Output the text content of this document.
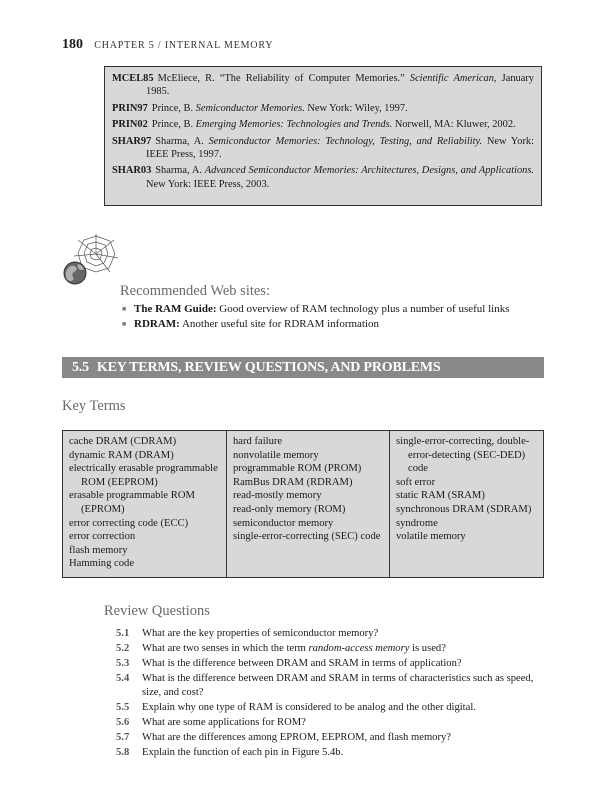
180 CHAPTER 5 / INTERNAL MEMORY
MCEL85 McEliece, R. “The Reliability of Computer Memories.” Scientific American, January 1985.
PRIN97 Prince, B. Semiconductor Memories. New York: Wiley, 1997.
PRIN02 Prince, B. Emerging Memories: Technologies and Trends. Norwell, MA: Kluwer, 2002.
SHAR97 Sharma, A. Semiconductor Memories: Technology, Testing, and Reliability. New York: IEEE Press, 1997.
SHAR03 Sharma, A. Advanced Semiconductor Memories: Architectures, Designs, and Applications. New York: IEEE Press, 2003.
Recommended Web sites:
■ The RAM Guide: Good overview of RAM technology plus a number of useful links
■ RDRAM: Another useful site for RDRAM information
5.5 KEY TERMS, REVIEW QUESTIONS, AND PROBLEMS
Key Terms
cache DRAM (CDRAM)
dynamic RAM (DRAM)
electrically erasable programmable ROM (EEPROM)
erasable programmable ROM (EPROM)
error correcting code (ECC)
error correction
flash memory
Hamming code
hard failure
nonvolatile memory
programmable ROM (PROM)
RamBus DRAM (RDRAM)
read-mostly memory
read-only memory (ROM)
semiconductor memory
single-error-correcting (SEC) code
single-error-correcting, double-error-detecting (SEC-DED) code
soft error
static RAM (SRAM)
synchronous DRAM (SDRAM)
syndrome
volatile memory
Review Questions
5.1	What are the key properties of semiconductor memory?
5.2	What are two senses in which the term random-access memory is used?
5.3	What is the difference between DRAM and SRAM in terms of application?
5.4	What is the difference between DRAM and SRAM in terms of characteristics such as speed, size, and cost?
5.5	Explain why one type of RAM is considered to be analog and the other digital.
5.6	What are some applications for ROM?
5.7	What are the differences among EPROM, EEPROM, and flash memory?
5.8	Explain the function of each pin in Figure 5.4b.
